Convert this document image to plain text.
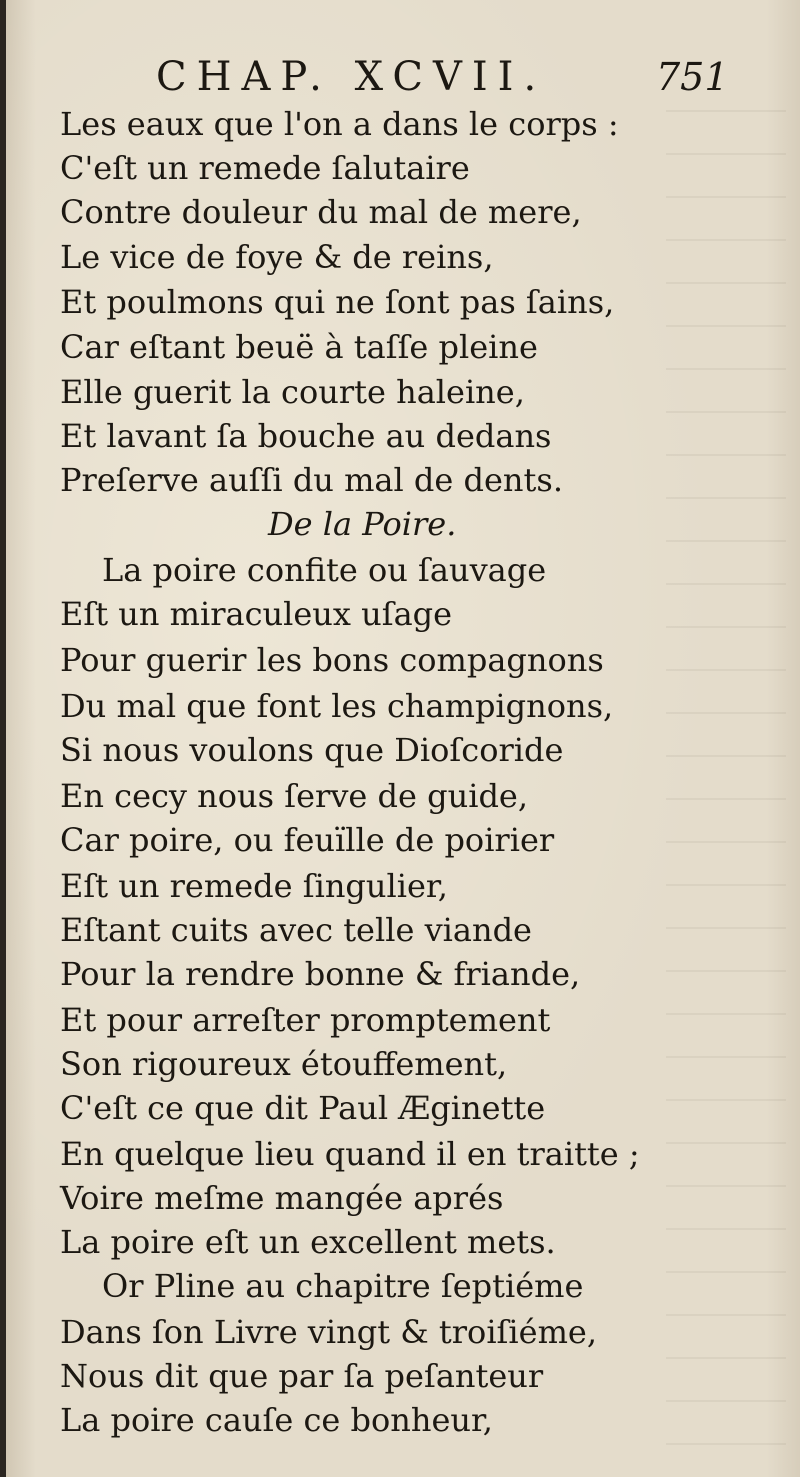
CHAP. XCVII.	751
Les eaux que l'on a dans le corps :
C'eſt un remede ſalutaire
Contre douleur du mal de mere,
Le vice de foye & de reins,
Et poulmons qui ne ſont pas ſains,
Car eſtant beuë à taſſe pleine
Elle guerit la courte haleine,
Et lavant ſa bouche au dedans
Preſerve auſſi du mal de dents.
De la Poire.
La poire confite ou ſauvage
Eſt un miraculeux uſage
Pour guerir les bons compagnons
Du mal que font les champignons,
Si nous voulons que Dioſcoride
En cecy nous ſerve de guide,
Car poire, ou feuïlle de poirier
Eſt un remede ſingulier,
Eſtant cuits avec telle viande
Pour la rendre bonne & friande,
Et pour arreſter promptement
Son rigoureux étouffement,
C'eſt ce que dit Paul Æginette
En quelque lieu quand il en traitte ;
Voire meſme mangée aprés
La poire eſt un excellent mets.
Or Pline au chapitre ſeptiéme
Dans ſon Livre vingt & troiſiéme,
Nous dit que par ſa peſanteur
La poire cauſe ce bonheur,
